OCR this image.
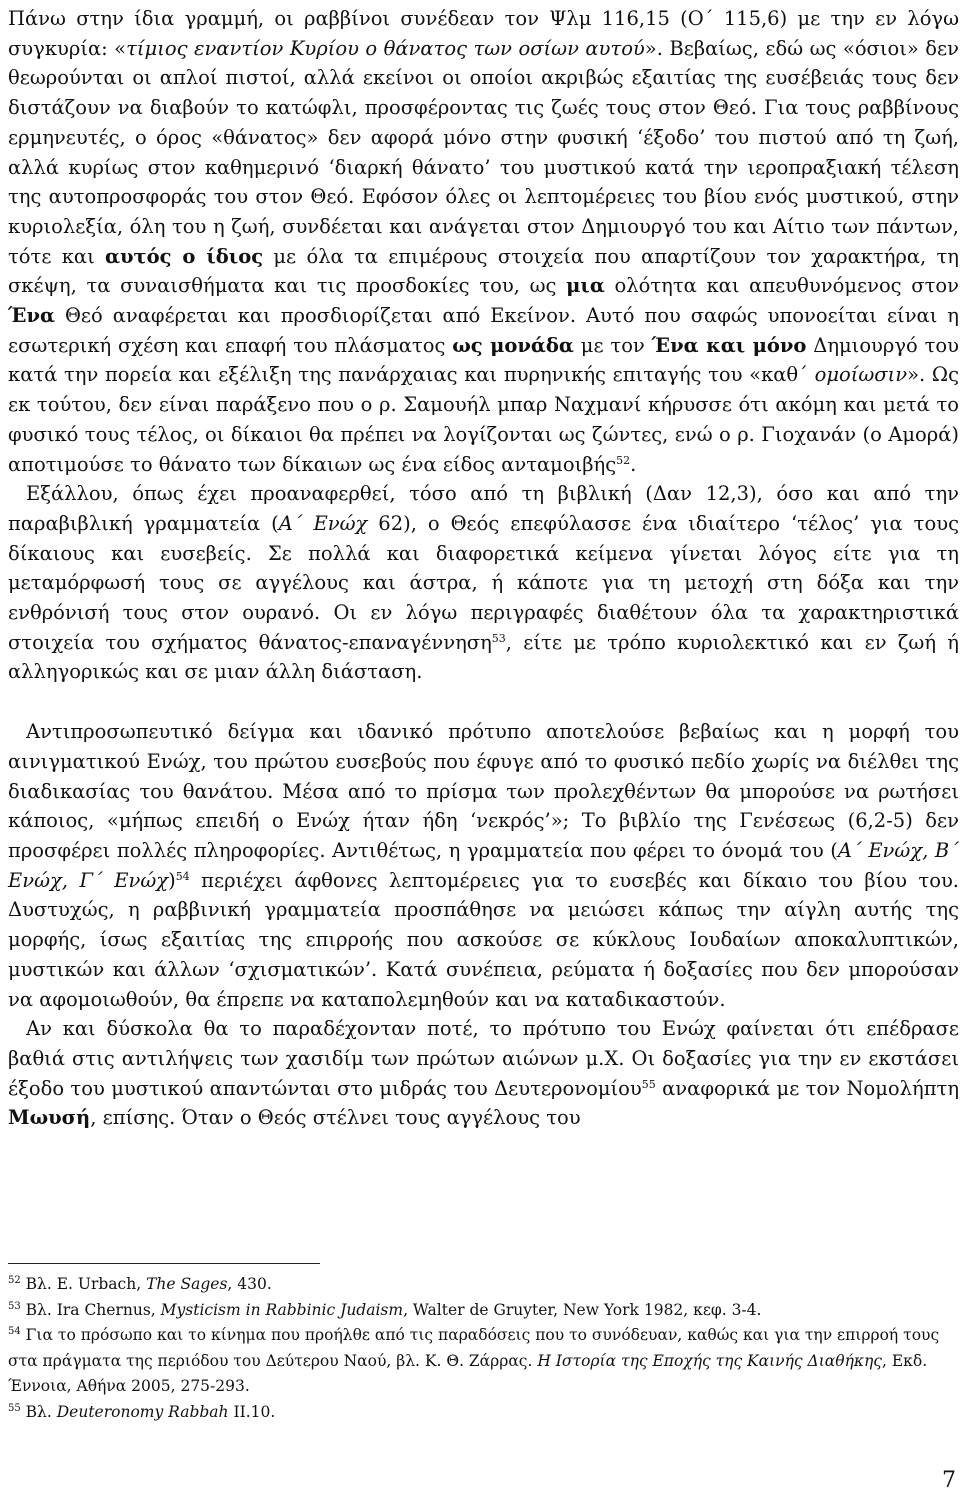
Πάνω στην ίδια γραμμή, οι ραββίνοι συνέδεαν τον Ψλμ 116,15 (Ο΄ 115,6) με την εν λόγω συγκυρία: «τίμιος εναντίον Κυρίου ο θάνατος των οσίων αυτού». Βεβαίως, εδώ ως «όσιοι» δεν θεωρούνται οι απλοί πιστοί, αλλά εκείνοι οι οποίοι ακριβώς εξαιτίας της ευσέβειάς τους δεν διστάζουν να διαβούν το κατώφλι, προσφέροντας τις ζωές τους στον Θεό. Για τους ραββίνους ερμηνευτές, ο όρος «θάνατος» δεν αφορά μόνο στην φυσική ‘έξοδο’ του πιστού από τη ζωή, αλλά κυρίως στον καθημερινό ‘διαρκή θάνατο’ του μυστικού κατά την ιεροπραξιακή τέλεση της αυτοπροσφοράς του στον Θεό. Εφόσον όλες οι λεπτομέρειες του βίου ενός μυστικού, στην κυριολεξία, όλη του η ζωή, συνδέεται και ανάγεται στον Δημιουργό του και Αίτιο των πάντων, τότε και αυτός ο ίδιος με όλα τα επιμέρους στοιχεία που απαρτίζουν τον χαρακτήρα, τη σκέψη, τα συναισθήματα και τις προσδοκίες του, ως μια ολότητα και απευθυνόμενος στον Ένα Θεό αναφέρεται και προσδιορίζεται από Εκείνον. Αυτό που σαφώς υπονοείται είναι η εσωτερική σχέση και επαφή του πλάσματος ως μονάδα με τον Ένα και μόνο Δημιουργό του κατά την πορεία και εξέλιξη της πανάρχαιας και πυρηνικής επιταγής του «καθ΄ ομοίωσιν». Ως εκ τούτου, δεν είναι παράξενο που ο ρ. Σαμουήλ μπαρ Ναχμανί κήρυσσε ότι ακόμη και μετά το φυσικό τους τέλος, οι δίκαιοι θα πρέπει να λογίζονται ως ζώντες, ενώ ο ρ. Γιοχανάν (ο Αμορά) αποτιμούσε το θάνατο των δίκαιων ως ένα είδος ανταμοιβής$^{52}$.

Εξάλλου, όπως έχει προαναφερθεί, τόσο από τη βιβλική (Δαν 12,3), όσο και από την παραβιβλική γραμματεία (Α΄ Ενώχ 62), ο Θεός επεφύλασσε ένα ιδιαίτερο ‘τέλος’ για τους δίκαιους και ευσεβείς. Σε πολλά και διαφορετικά κείμενα γίνεται λόγος είτε για τη μεταμόρφωσή τους σε αγγέλους και άστρα, ή κάποτε για τη μετοχή στη δόξα και την ενθρόνισή τους στον ουρανό. Οι εν λόγω περιγραφές διαθέτουν όλα τα χαρακτηριστικά στοιχεία του σχήματος θάνατος-επαναγέννηση$^{53}$, είτε με τρόπο κυριολεκτικό και εν ζωή ή αλληγορικώς και σε μιαν άλλη διάσταση.

Αντιπροσωπευτικό δείγμα και ιδανικό πρότυπο αποτελούσε βεβαίως και η μορφή του αινιγματικού Ενώχ, του πρώτου ευσεβούς που έφυγε από το φυσικό πεδίο χωρίς να διέλθει της διαδικασίας του θανάτου. Μέσα από το πρίσμα των προλεχθέντων θα μπορούσε να ρωτήσει κάποιος, «μήπως επειδή ο Ενώχ ήταν ήδη ‘νεκρός’»; Το βιβλίο της Γενέσεως (6,2-5) δεν προσφέρει πολλές πληροφορίες. Αντιθέτως, η γραμματεία που φέρει το όνομά του (Α΄ Ενώχ, Β΄ Ενώχ, Γ΄ Ενώχ)$^{54}$ περιέχει άφθονες λεπτομέρειες για το ευσεβές και δίκαιο του βίου του. Δυστυχώς, η ραββινική γραμματεία προσπάθησε να μειώσει κάπως την αίγλη αυτής της μορφής, ίσως εξαιτίας της επιρροής που ασκούσε σε κύκλους Ιουδαίων αποκαλυπτικών, μυστικών και άλλων ‘σχισματικών’. Κατά συνέπεια, ρεύματα ή δοξασίες που δεν μπορούσαν να αφομοιωθούν, θα έπρεπε να καταπολεμηθούν και να καταδικαστούν.

Αν και δύσκολα θα το παραδέχονταν ποτέ, το πρότυπο του Ενώχ φαίνεται ότι επέδρασε βαθιά στις αντιλήψεις των χασιδίμ των πρώτων αιώνων μ.Χ. Οι δοξασίες για την εν εκστάσει έξοδο του μυστικού απαντώνται στο μιδράς του Δευτερονομίου$^{55}$ αναφορικά με τον Νομολήπτη Μωυσή, επίσης. Όταν ο Θεός στέλνει τους αγγέλους του

$^{52}$ Βλ. E. Urbach, The Sages, 430.

$^{53}$ Βλ. Ira Chernus, Mysticism in Rabbinic Judaism, Walter de Gruyter, New York 1982, κεφ. 3-4.

$^{54}$ Για το πρόσωπο και το κίνημα που προήλθε από τις παραδόσεις που το συνόδευαν, καθώς και για την επιρροή τους στα πράγματα της περιόδου του Δεύτερου Ναού, βλ. Κ. Θ. Ζάρρας. Η Ιστορία της Εποχής της Καινής Διαθήκης, Εκδ. Έννοια, Αθήνα 2005, 275-293.

$^{55}$ Βλ. Deuteronomy Rabbah II.10.

7
